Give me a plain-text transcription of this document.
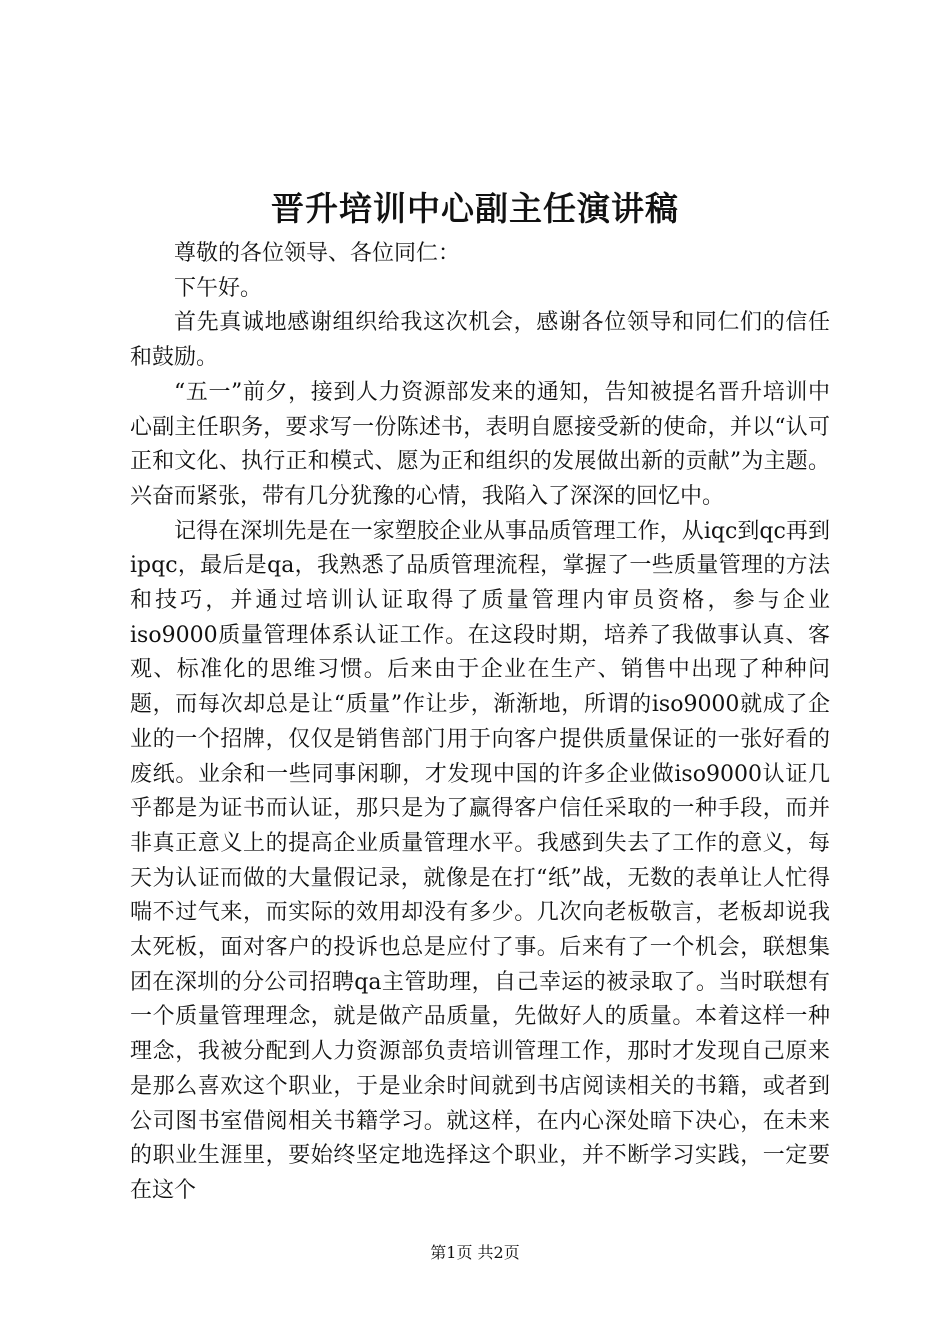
晋升培训中心副主任演讲稿

尊敬的各位领导、各位同仁：

下午好。

首先真诚地感谢组织给我这次机会，感谢各位领导和同仁们的信任和鼓励。

“五一”前夕，接到人力资源部发来的通知，告知被提名晋升培训中心副主任职务，要求写一份陈述书，表明自愿接受新的使命，并以“认可正和文化、执行正和模式、愿为正和组织的发展做出新的贡献”为主题。兴奋而紧张，带有几分犹豫的心情，我陷入了深深的回忆中。

记得在深圳先是在一家塑胶企业从事品质管理工作，从iqc到qc再到ipqc，最后是qa，我熟悉了品质管理流程，掌握了一些质量管理的方法和技巧，并通过培训认证取得了质量管理内审员资格，参与企业iso9000质量管理体系认证工作。在这段时期，培养了我做事认真、客观、标准化的思维习惯。后来由于企业在生产、销售中出现了种种问题，而每次却总是让“质量”作让步，渐渐地，所谓的iso9000就成了企业的一个招牌，仅仅是销售部门用于向客户提供质量保证的一张好看的废纸。业余和一些同事闲聊，才发现中国的许多企业做iso9000认证几乎都是为证书而认证，那只是为了赢得客户信任采取的一种手段，而并非真正意义上的提高企业质量管理水平。我感到失去了工作的意义，每天为认证而做的大量假记录，就像是在打“纸”战，无数的表单让人忙得喘不过气来，而实际的效用却没有多少。几次向老板敬言，老板却说我太死板，面对客户的投诉也总是应付了事。后来有了一个机会，联想集团在深圳的分公司招聘qa主管助理，自己幸运的被录取了。当时联想有一个质量管理理念，就是做产品质量，先做好人的质量。本着这样一种理念，我被分配到人力资源部负责培训管理工作，那时才发现自己原来是那么喜欢这个职业，于是业余时间就到书店阅读相关的书籍，或者到公司图书室借阅相关书籍学习。就这样，在内心深处暗下决心，在未来的职业生涯里，要始终坚定地选择这个职业，并不断学习实践，一定要在这个

第1页 共2页
